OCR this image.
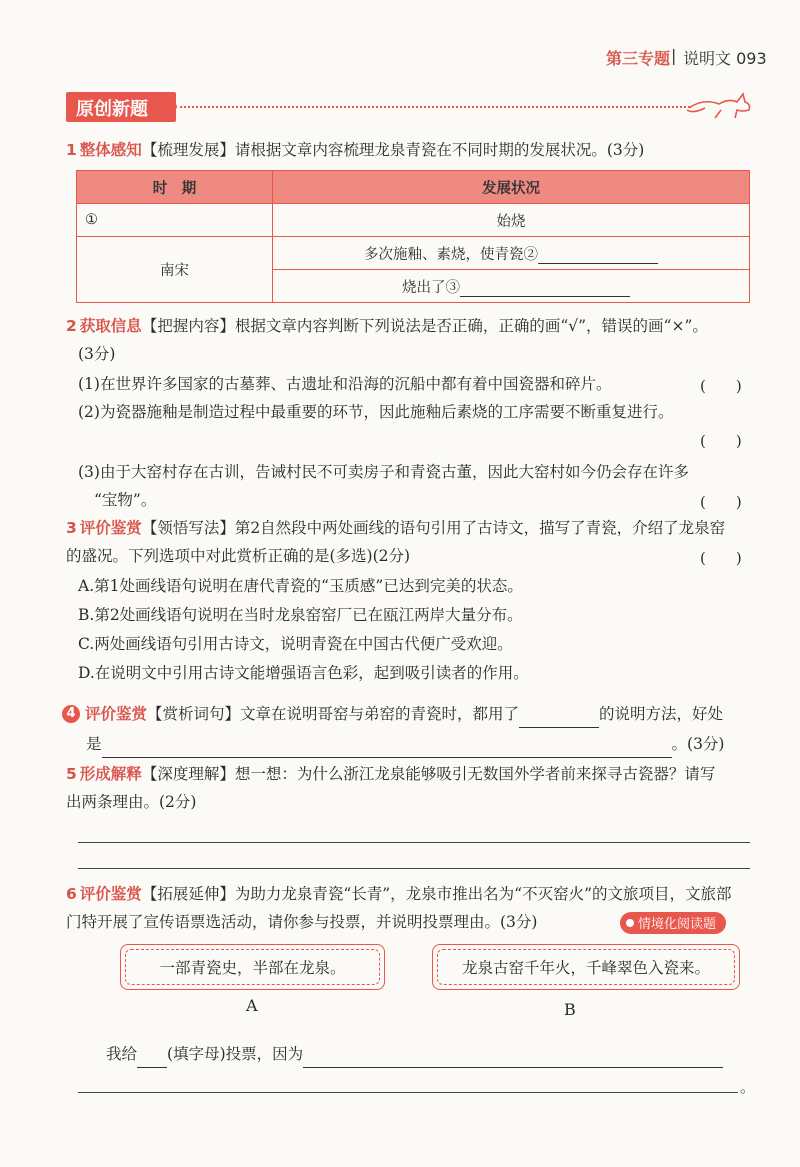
第三专题 | 说明文 093
原创新题
1 整体感知【梳理发展】请根据文章内容梳理龙泉青瓷在不同时期的发展状况。(3分)
时　期	发展状况
①	始烧
南宋	多次施釉、素烧，使青瓷②
	烧出了③
2 获取信息【把握内容】根据文章内容判断下列说法是否正确，正确的画“√”，错误的画“×”。
(3分)
(1)在世界许多国家的古墓葬、古遗址和沿海的沉船中都有着中国瓷器和碎片。	(　　)
(2)为瓷器施釉是制造过程中最重要的环节，因此施釉后素烧的工序需要不断重复进行。
(　　)
(3)由于大窑村存在古训，告诫村民不可卖房子和青瓷古董，因此大窑村如今仍会存在许多
“宝物”。	(　　)
3 评价鉴赏【领悟写法】第2自然段中两处画线的语句引用了古诗文，描写了青瓷，介绍了龙泉窑
的盛况。下列选项中对此赏析正确的是(多选)(2分)	(　　)
A.第1处画线语句说明在唐代青瓷的“玉质感”已达到完美的状态。
B.第2处画线语句说明在当时龙泉窑窑厂已在瓯江两岸大量分布。
C.两处画线语句引用古诗文，说明青瓷在中国古代便广受欢迎。
D.在说明文中引用古诗文能增强语言色彩，起到吸引读者的作用。
4 评价鉴赏【赏析词句】文章在说明哥窑与弟窑的青瓷时，都用了	的说明方法，好处
是	。(3分)
5 形成解释【深度理解】想一想：为什么浙江龙泉能够吸引无数国外学者前来探寻古瓷器？请写
出两条理由。(2分)
6 评价鉴赏【拓展延伸】为助力龙泉青瓷“长青”，龙泉市推出名为“不灭窑火”的文旅项目，文旅部
门特开展了宣传语票选活动，请你参与投票，并说明投票理由。(3分)	情境化阅读题
一部青瓷史，半部在龙泉。	龙泉古窑千年火，千峰翠色入瓷来。
A	B
我给 (填字母)投票，因为
。
